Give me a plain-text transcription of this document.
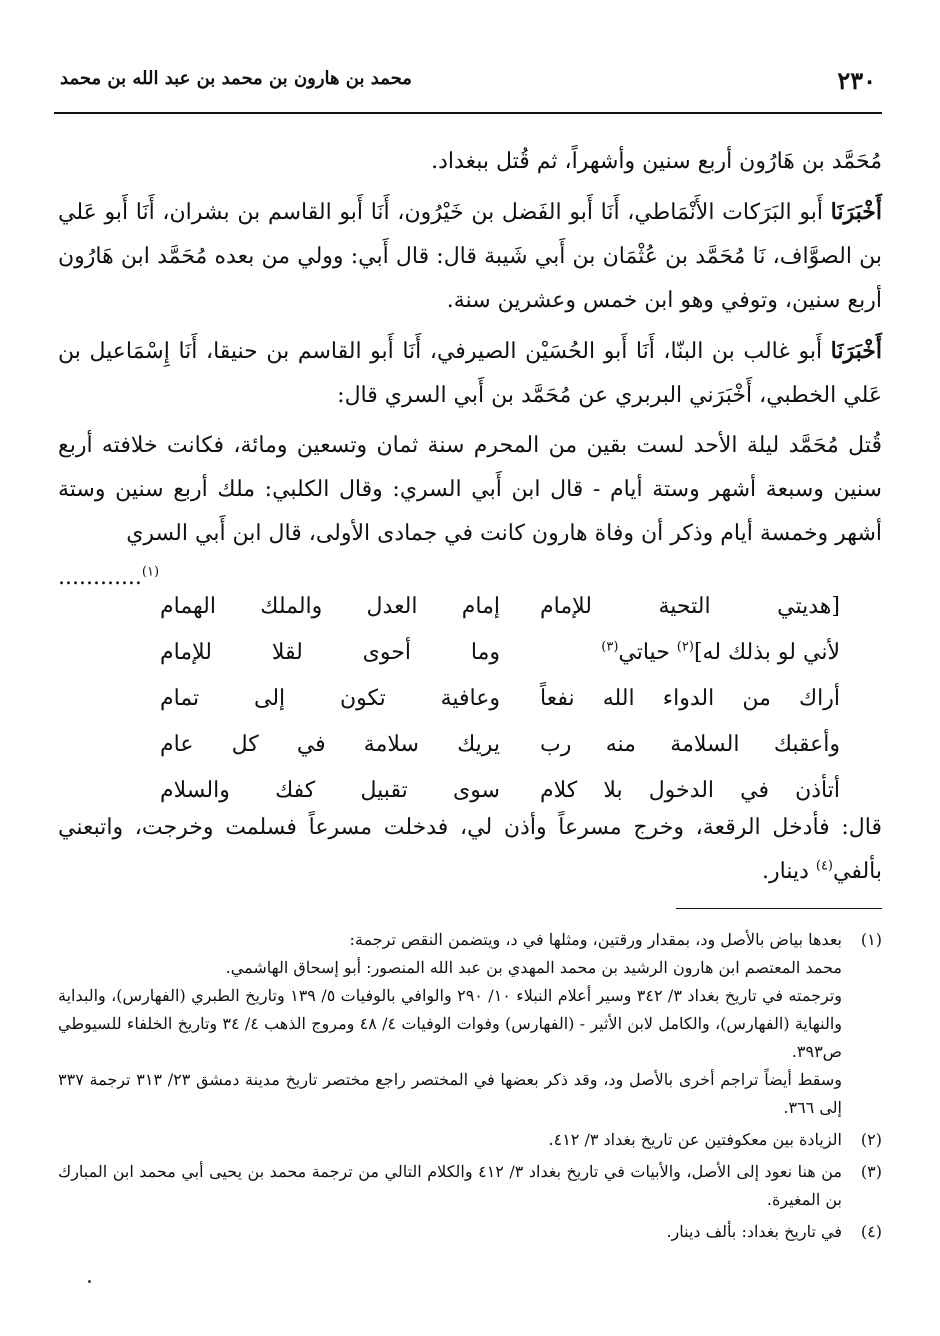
٢٣٠
محمد بن هارون بن محمد بن عبد الله بن محمد

مُحَمَّد بن هَارُون أربع سنين وأشهراً، ثم قُتل ببغداد.

أَخْبَرَنَا أَبو البَرَكات الأَنْمَاطي، أَنَا أَبو الفَضل بن خَيْرُون، أَنَا أَبو القاسم بن بشران، أَنَا أَبو عَلي بن الصوَّاف، نَا مُحَمَّد بن عُثْمَان بن أَبي شَيبة قال: قال أَبي: وولي من بعده مُحَمَّد ابن هَارُون أربع سنين، وتوفي وهو ابن خمس وعشرين سنة.

أَخْبَرَنَا أَبو غالب بن البنّا، أَنَا أَبو الحُسَيْن الصيرفي، أَنَا أَبو القاسم بن حنيقا، أَنَا إِسْمَاعيل بن عَلي الخطبي، أَخْبَرَني البربري عن مُحَمَّد بن أَبي السري قال:

قُتل مُحَمَّد ليلة الأحد لست بقين من المحرم سنة ثمان وتسعين ومائة، فكانت خلافته أربع سنين وسبعة أشهر وستة أيام - قال ابن أَبي السري: وقال الكلبي: ملك أربع سنين وستة أشهر وخمسة أيام وذكر أن وفاة هارون كانت في جمادى الأولى، قال ابن أَبي السري

$^{(١)}$............
[هديتي التحية للإمام
إمام العدل والملك الهمام
لأني لو بذلك له]$^{(٢)}$ حياتي$^{(٣)}$
وما أحوى لقلا للإمام
أراك من الدواء الله نفعاً
وعافية تكون إلى تمام
وأعقبك السلامة منه رب
يريك سلامة في كل عام
أتأذن في الدخول بلا كلام
سوى تقبيل كفك والسلام

قال: فأدخل الرقعة، وخرج مسرعاً وأذن لي، فدخلت مسرعاً فسلمت وخرجت، واتبعني بألفي$^{(٤)}$ دينار.

(١)
بعدها بياض بالأصل ود، بمقدار ورقتين، ومثلها في د، ويتضمن النقص ترجمة:
محمد المعتصم ابن هارون الرشيد بن محمد المهدي بن عبد الله المنصور: أبو إسحاق الهاشمي.
وترجمته في تاريخ بغداد ٣/ ٣٤٢ وسير أعلام النبلاء ١٠/ ٢٩٠ والوافي بالوفيات ٥/ ١٣٩ وتاريخ الطبري (الفهارس)، والبداية والنهاية (الفهارس)، والكامل لابن الأثير - (الفهارس) وفوات الوفيات ٤/ ٤٨ ومروج الذهب ٤/ ٣٤ وتاريخ الخلفاء للسيوطي ص٣٩٣.
وسقط أيضاً تراجم أخرى بالأصل ود، وقد ذكر بعضها في المختصر راجع مختصر تاريخ مدينة دمشق ٢٣/ ٣١٣ ترجمة ٣٣٧ إلى ٣٦٦.
(٢)
الزيادة بين معكوفتين عن تاريخ بغداد ٣/ ٤١٢.
(٣)
من هنا نعود إلى الأصل، والأبيات في تاريخ بغداد ٣/ ٤١٢ والكلام التالي من ترجمة محمد بن يحيى أبي محمد ابن المبارك بن المغيرة.
(٤)
في تاريخ بغداد: بألف دينار.
